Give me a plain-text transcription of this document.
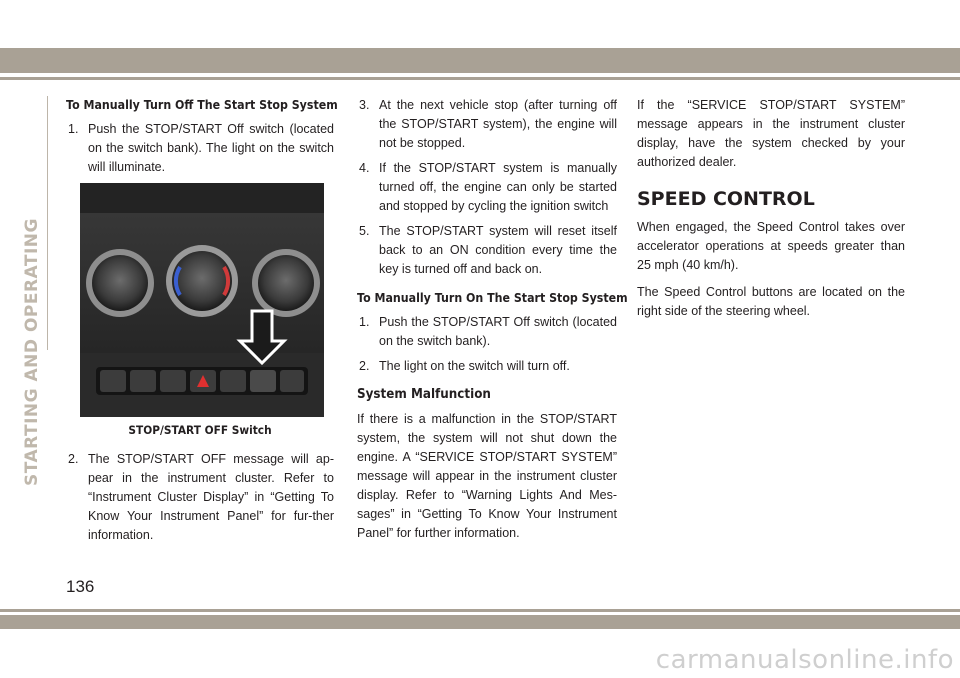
STARTING AND OPERATING
To Manually Turn Off The Start Stop System
1. Push the STOP/START Off switch (located on the switch bank). The light on the switch will illuminate.
STOP/START OFF Switch
2. The STOP/START OFF message will ap-pear in the instrument cluster. Refer to “Instrument Cluster Display” in “Getting To Know Your Instrument Panel” for fur-ther information.
3. At the next vehicle stop (after turning off the STOP/START system), the engine will not be stopped.
4. If the STOP/START system is manually turned off, the engine can only be started and stopped by cycling the ignition switch
5. The STOP/START system will reset itself back to an ON condition every time the key is turned off and back on.
To Manually Turn On The Start Stop System
1. Push the STOP/START Off switch (located on the switch bank).
2. The light on the switch will turn off.
System Malfunction

If there is a malfunction in the STOP/START system, the system will not shut down the engine. A “SERVICE STOP/START SYSTEM” message will appear in the instrument cluster display. Refer to “Warning Lights And Mes-sages” in “Getting To Know Your Instrument Panel” for further information.

If the “SERVICE STOP/START SYSTEM” message appears in the instrument cluster display, have the system checked by your authorized dealer.

SPEED CONTROL

When engaged, the Speed Control takes over accelerator operations at speeds greater than 25 mph (40 km/h).

The Speed Control buttons are located on the right side of the steering wheel.

136
carmanualsonline.info
